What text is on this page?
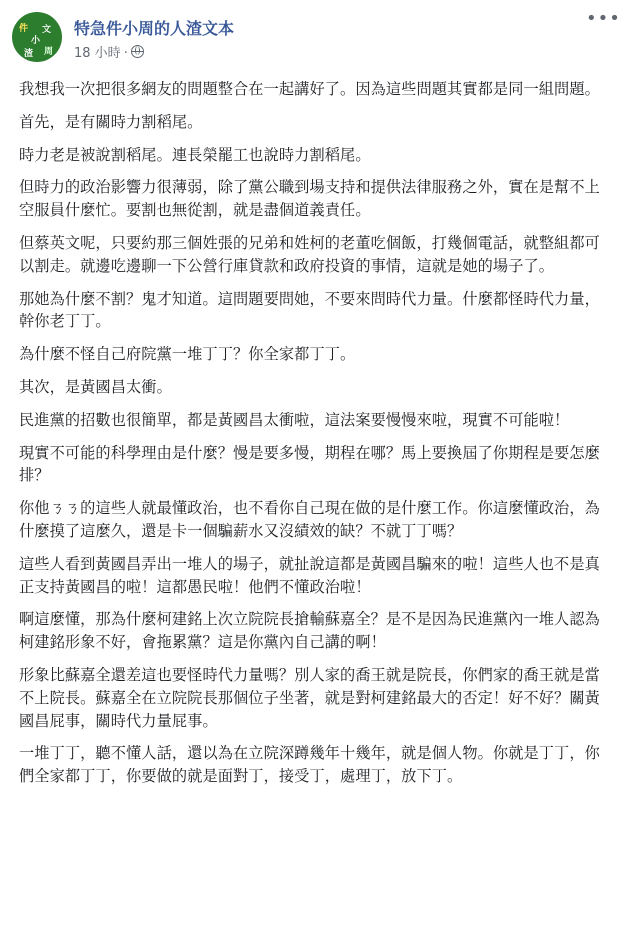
件
小
周
渣
文 特急件小周的人渣文本
18 小時 ·
•••

我想我一次把很多網友的問題整合在一起講好了。因為這些問題其實都是同一組問題。

首先，是有關時力割稻尾。

時力老是被說割稻尾。連長榮罷工也說時力割稻尾。

但時力的政治影響力很薄弱，除了黨公職到場支持和提供法律服務之外，實在是幫不上空服員什麼忙。要割也無從割，就是盡個道義責任。

但蔡英文呢，只要約那三個姓張的兄弟和姓柯的老董吃個飯，打幾個電話，就整組都可以割走。就邊吃邊聊一下公營行庫貸款和政府投資的事情，這就是她的場子了。

那她為什麼不割？鬼才知道。這問題要問她，不要來問時代力量。什麼都怪時代力量，幹你老丁丁。

為什麼不怪自己府院黨一堆丁丁？你全家都丁丁。

其次，是黃國昌太衝。

民進黨的招數也很簡單，都是黃國昌太衝啦，這法案要慢慢來啦，現實不可能啦！

現實不可能的科學理由是什麼？慢是要多慢，期程在哪？馬上要換屆了你期程是要怎麼排？

你他ㄋㄋ的這些人就最懂政治，也不看你自己現在做的是什麼工作。你這麼懂政治，為什麼摸了這麼久，還是卡一個騙薪水又沒績效的缺？不就丁丁嗎？

這些人看到黃國昌弄出一堆人的場子，就扯說這都是黃國昌騙來的啦！這些人也不是真正支持黃國昌的啦！這都愚民啦！他們不懂政治啦！

啊這麼懂，那為什麼柯建銘上次立院院長搶輸蘇嘉全？是不是因為民進黨內一堆人認為柯建銘形象不好，會拖累黨？這是你黨內自己講的啊！

形象比蘇嘉全還差這也要怪時代力量嗎？別人家的喬王就是院長，你們家的喬王就是當不上院長。蘇嘉全在立院院長那個位子坐著，就是對柯建銘最大的否定！好不好？關黃國昌屁事，關時代力量屁事。

一堆丁丁，聽不懂人話，還以為在立院深蹲幾年十幾年，就是個人物。你就是丁丁，你們全家都丁丁，你要做的就是面對丁，接受丁，處理丁，放下丁。
